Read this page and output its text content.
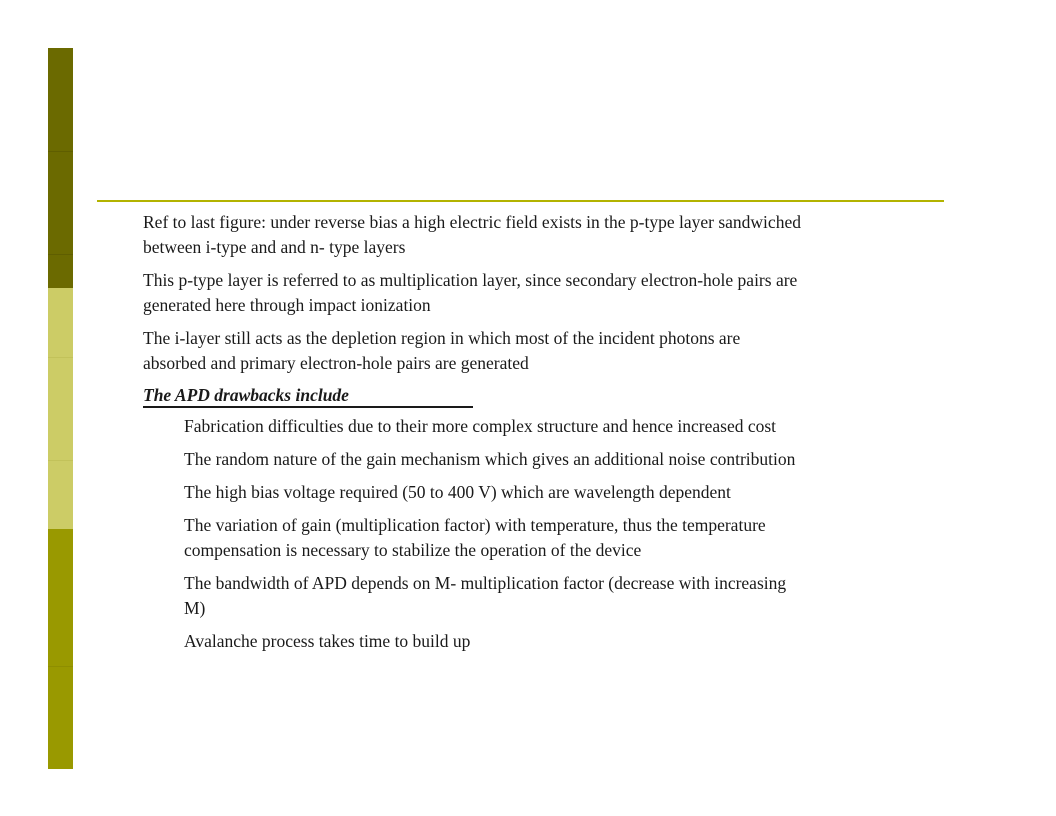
Ref to last figure: under reverse bias a high electric field exists in the p-type layer sandwiched between i-type and and n- type layers

This p-type layer is referred to as multiplication layer, since secondary electron-hole pairs are generated here through impact ionization

The i-layer still acts as the depletion region in which most of the incident photons are absorbed and primary electron-hole pairs are generated

The APD drawbacks include

Fabrication difficulties due to their more complex structure and hence increased cost

The random nature of the gain mechanism which gives an additional noise contribution

The high bias voltage required (50 to 400 V) which are wavelength dependent

The variation of gain (multiplication factor) with temperature, thus the temperature compensation is necessary to stabilize the operation of the device

The bandwidth of APD depends on M- multiplication factor (decrease with increasing M)

Avalanche process takes time to build up
